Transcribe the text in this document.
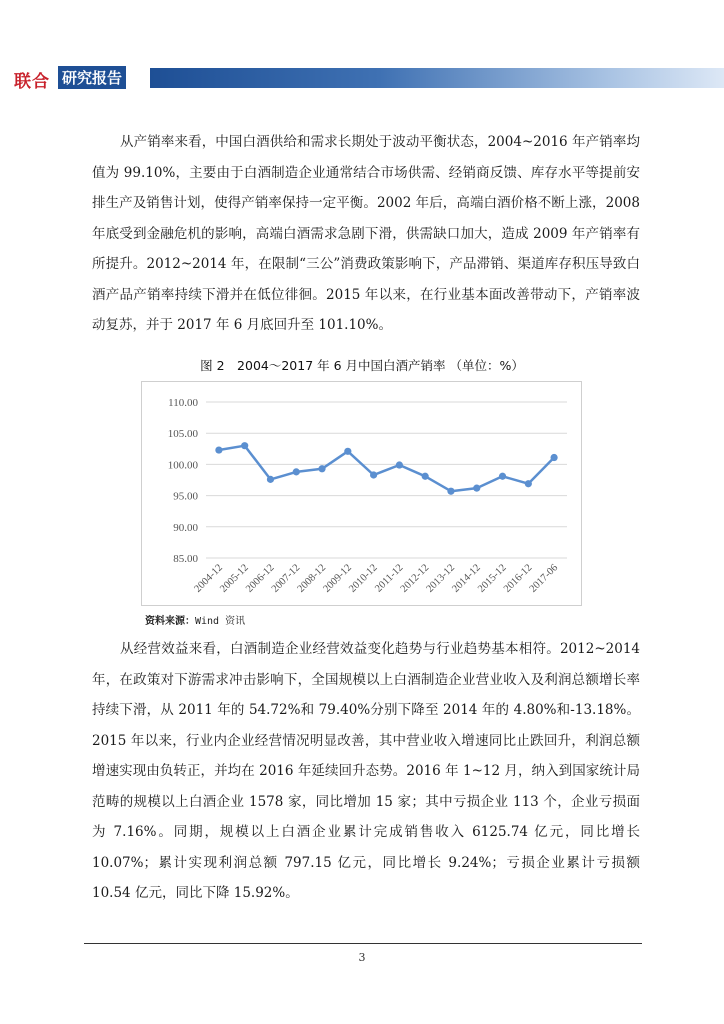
联合 研究报告

从产销率来看，中国白酒供给和需求长期处于波动平衡状态，2004~2016 年产销率均值为 99.10%，主要由于白酒制造企业通常结合市场供需、经销商反馈、库存水平等提前安排生产及销售计划，使得产销率保持一定平衡。2002 年后，高端白酒价格不断上涨，2008 年底受到金融危机的影响，高端白酒需求急剧下滑，供需缺口加大，造成 2009 年产销率有所提升。2012~2014 年，在限制“三公”消费政策影响下，产品滞销、渠道库存积压导致白酒产品产销率持续下滑并在低位徘徊。2015 年以来，在行业基本面改善带动下，产销率波动复苏，并于 2017 年 6 月底回升至 101.10%。

图 2　2004～2017 年 6 月中国白酒产销率 （单位：%）
85.00
90.00
95.00
100.00
105.00
110.00
2004-12
2005-12
2006-12
2007-12
2008-12
2009-12
2010-12
2011-12
2012-12
2013-12
2014-12
2015-12
2016-12
2017-06
资料来源：Wind 资讯

从经营效益来看，白酒制造企业经营效益变化趋势与行业趋势基本相符。2012~2014 年，在政策对下游需求冲击影响下，全国规模以上白酒制造企业营业收入及利润总额增长率持续下滑，从 2011 年的 54.72%和 79.40%分别下降至 2014 年的 4.80%和-13.18%。2015 年以来，行业内企业经营情况明显改善，其中营业收入增速同比止跌回升，利润总额增速实现由负转正，并均在 2016 年延续回升态势。2016 年 1~12 月，纳入到国家统计局范畴的规模以上白酒企业 1578 家，同比增加 15 家；其中亏损企业 113 个，企业亏损面为 7.16%。同期，规模以上白酒企业累计完成销售收入 6125.74 亿元，同比增长 10.07%；累计实现利润总额 797.15 亿元，同比增长 9.24%；亏损企业累计亏损额 10.54 亿元，同比下降 15.92%。

3
